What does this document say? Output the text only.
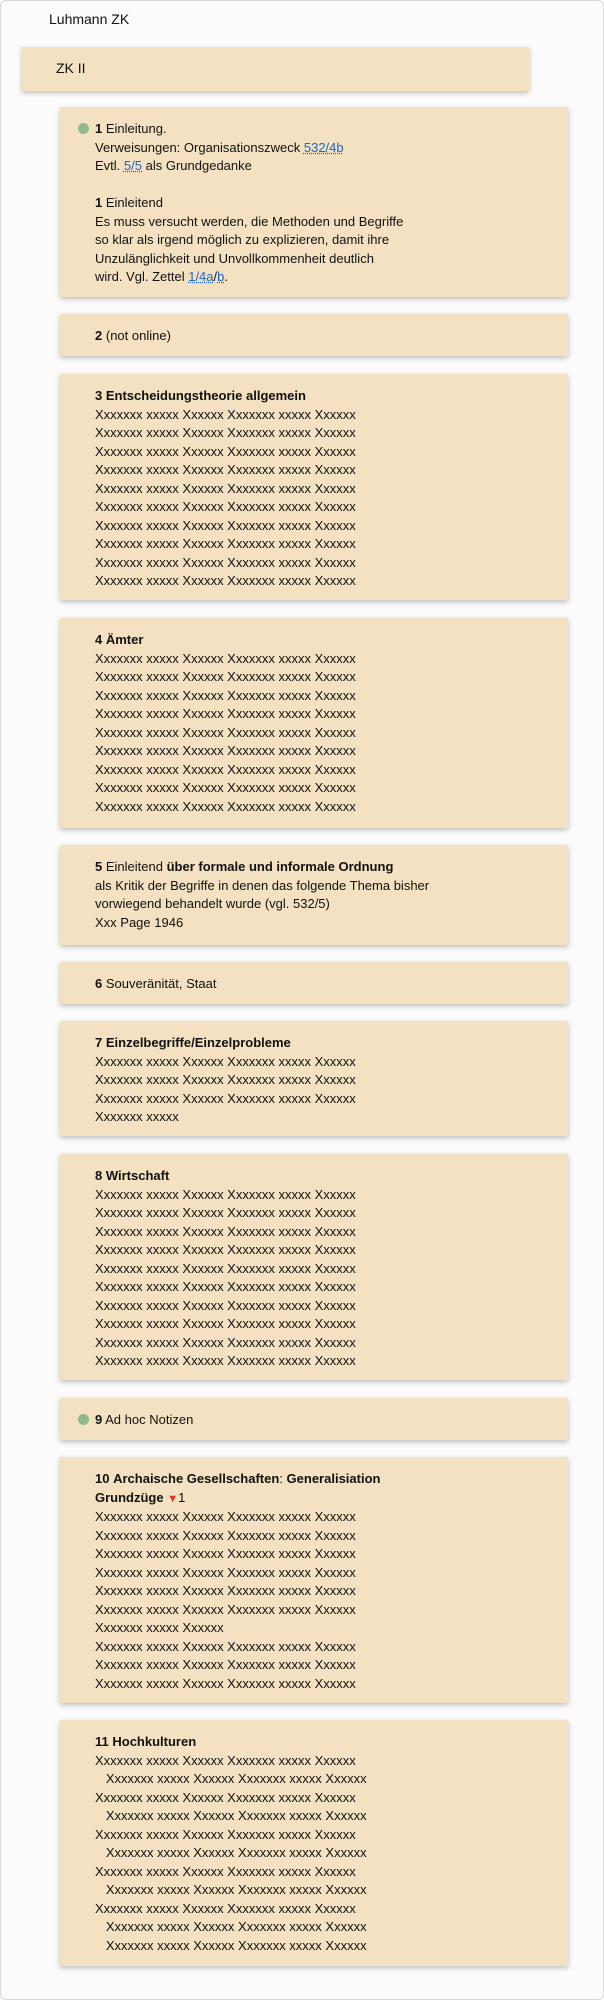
Luhmann ZK
ZK II
1 Einleitung.
Verweisungen: Organisationszweck 532/4b
Evtl. 5/5 als Grundgedanke

1 Einleitend
Es muss versucht werden, die Methoden und Begriffe
so klar als irgend möglich zu explizieren, damit ihre
Unzulänglichkeit und Unvollkommenheit deutlich
wird. Vgl. Zettel 1/4a/b.
2 (not online)
3 Entscheidungstheorie allgemein
Xxxxxxx xxxxx Xxxxxx Xxxxxxx xxxxx Xxxxxx
Xxxxxxx xxxxx Xxxxxx Xxxxxxx xxxxx Xxxxxx
Xxxxxxx xxxxx Xxxxxx Xxxxxxx xxxxx Xxxxxx
Xxxxxxx xxxxx Xxxxxx Xxxxxxx xxxxx Xxxxxx
Xxxxxxx xxxxx Xxxxxx Xxxxxxx xxxxx Xxxxxx
Xxxxxxx xxxxx Xxxxxx Xxxxxxx xxxxx Xxxxxx
Xxxxxxx xxxxx Xxxxxx Xxxxxxx xxxxx Xxxxxx
Xxxxxxx xxxxx Xxxxxx Xxxxxxx xxxxx Xxxxxx
Xxxxxxx xxxxx Xxxxxx Xxxxxxx xxxxx Xxxxxx
Xxxxxxx xxxxx Xxxxxx Xxxxxxx xxxxx Xxxxxx
4 Ämter
Xxxxxxx xxxxx Xxxxxx Xxxxxxx xxxxx Xxxxxx
Xxxxxxx xxxxx Xxxxxx Xxxxxxx xxxxx Xxxxxx
Xxxxxxx xxxxx Xxxxxx Xxxxxxx xxxxx Xxxxxx
Xxxxxxx xxxxx Xxxxxx Xxxxxxx xxxxx Xxxxxx
Xxxxxxx xxxxx Xxxxxx Xxxxxxx xxxxx Xxxxxx
Xxxxxxx xxxxx Xxxxxx Xxxxxxx xxxxx Xxxxxx
Xxxxxxx xxxxx Xxxxxx Xxxxxxx xxxxx Xxxxxx
Xxxxxxx xxxxx Xxxxxx Xxxxxxx xxxxx Xxxxxx
Xxxxxxx xxxxx Xxxxxx Xxxxxxx xxxxx Xxxxxx
5 Einleitend über formale und informale Ordnung
als Kritik der Begriffe in denen das folgende Thema bisher
vorwiegend behandelt wurde (vgl. 532/5)
Xxx Page 1946
6 Souveränität, Staat
7 Einzelbegriffe/Einzelprobleme
Xxxxxxx xxxxx Xxxxxx Xxxxxxx xxxxx Xxxxxx
Xxxxxxx xxxxx Xxxxxx Xxxxxxx xxxxx Xxxxxx
Xxxxxxx xxxxx Xxxxxx Xxxxxxx xxxxx Xxxxxx
Xxxxxxx xxxxx
8 Wirtschaft
Xxxxxxx xxxxx Xxxxxx Xxxxxxx xxxxx Xxxxxx
Xxxxxxx xxxxx Xxxxxx Xxxxxxx xxxxx Xxxxxx
Xxxxxxx xxxxx Xxxxxx Xxxxxxx xxxxx Xxxxxx
Xxxxxxx xxxxx Xxxxxx Xxxxxxx xxxxx Xxxxxx
Xxxxxxx xxxxx Xxxxxx Xxxxxxx xxxxx Xxxxxx
Xxxxxxx xxxxx Xxxxxx Xxxxxxx xxxxx Xxxxxx
Xxxxxxx xxxxx Xxxxxx Xxxxxxx xxxxx Xxxxxx
Xxxxxxx xxxxx Xxxxxx Xxxxxxx xxxxx Xxxxxx
Xxxxxxx xxxxx Xxxxxx Xxxxxxx xxxxx Xxxxxx
Xxxxxxx xxxxx Xxxxxx Xxxxxxx xxxxx Xxxxxx
9 Ad hoc Notizen
10 Archaische Gesellschaften: Generalisiation
Grundzüge ▼1
Xxxxxxx xxxxx Xxxxxx Xxxxxxx xxxxx Xxxxxx
Xxxxxxx xxxxx Xxxxxx Xxxxxxx xxxxx Xxxxxx
Xxxxxxx xxxxx Xxxxxx Xxxxxxx xxxxx Xxxxxx
Xxxxxxx xxxxx Xxxxxx Xxxxxxx xxxxx Xxxxxx
Xxxxxxx xxxxx Xxxxxx Xxxxxxx xxxxx Xxxxxx
Xxxxxxx xxxxx Xxxxxx Xxxxxxx xxxxx Xxxxxx
Xxxxxxx xxxxx Xxxxxx
Xxxxxxx xxxxx Xxxxxx Xxxxxxx xxxxx Xxxxxx
Xxxxxxx xxxxx Xxxxxx Xxxxxxx xxxxx Xxxxxx
Xxxxxxx xxxxx Xxxxxx Xxxxxxx xxxxx Xxxxxx
11 Hochkulturen
Xxxxxxx xxxxx Xxxxxx Xxxxxxx xxxxx Xxxxxx
Xxxxxxx xxxxx Xxxxxx Xxxxxxx xxxxx Xxxxxx
Xxxxxxx xxxxx Xxxxxx Xxxxxxx xxxxx Xxxxxx
Xxxxxxx xxxxx Xxxxxx Xxxxxxx xxxxx Xxxxxx
Xxxxxxx xxxxx Xxxxxx Xxxxxxx xxxxx Xxxxxx
Xxxxxxx xxxxx Xxxxxx Xxxxxxx xxxxx Xxxxxx
Xxxxxxx xxxxx Xxxxxx Xxxxxxx xxxxx Xxxxxx
Xxxxxxx xxxxx Xxxxxx Xxxxxxx xxxxx Xxxxxx
Xxxxxxx xxxxx Xxxxxx Xxxxxxx xxxxx Xxxxxx
Xxxxxxx xxxxx Xxxxxx Xxxxxxx xxxxx Xxxxxx
Xxxxxxx xxxxx Xxxxxx Xxxxxxx xxxxx Xxxxxx
